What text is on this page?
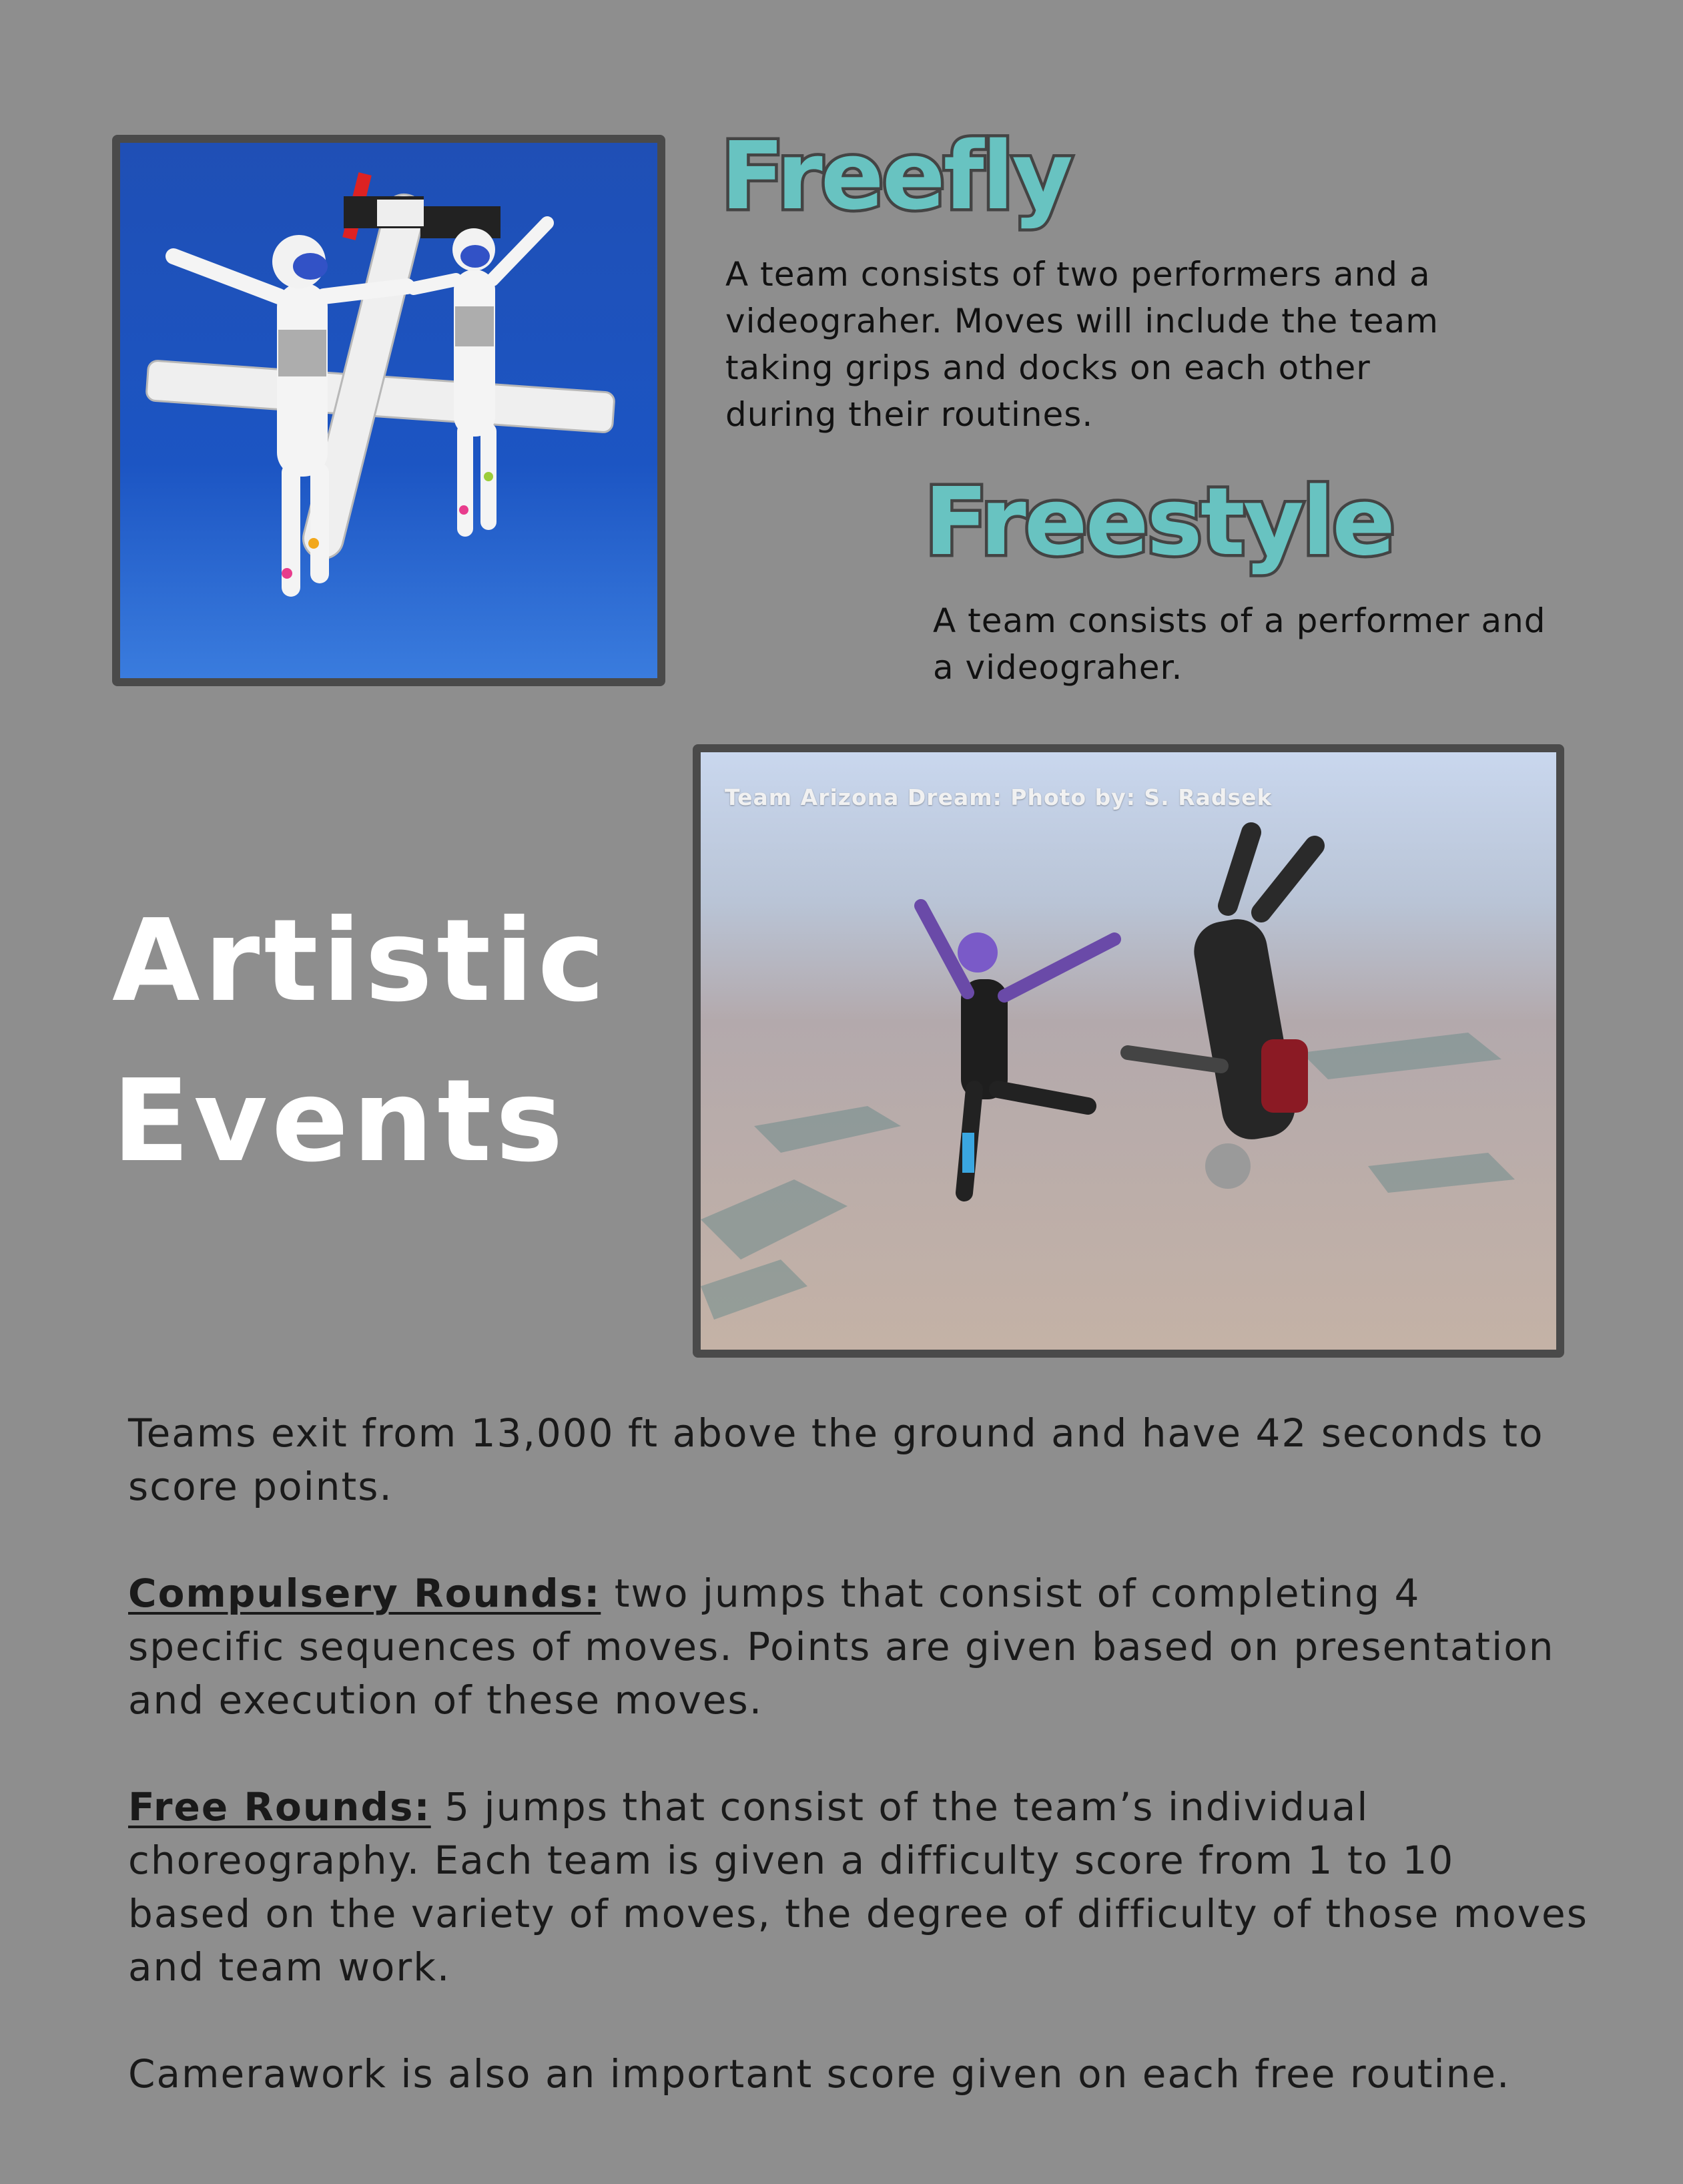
Freefly

A team consists of two performers and a
videograher. Moves will include the team
taking grips and docks on each other
during their routines.

Freestyle

A team consists of a performer and
a videograher.

Artistic
Events
Team Arizona Dream: Photo by: S. Radsek

Teams exit from 13,000 ft above the ground and have 42 seconds to score points.

Compulsery Rounds: two jumps that consist of completing 4 specific sequences of moves. Points are given based on presentation and execution of these moves.

Free Rounds: 5 jumps that consist of the team’s individual choreography. Each team is given a difficulty score from 1 to 10 based on the variety of moves, the degree of difficulty of those moves and team work.

Camerawork is also an important score given on each free routine.
